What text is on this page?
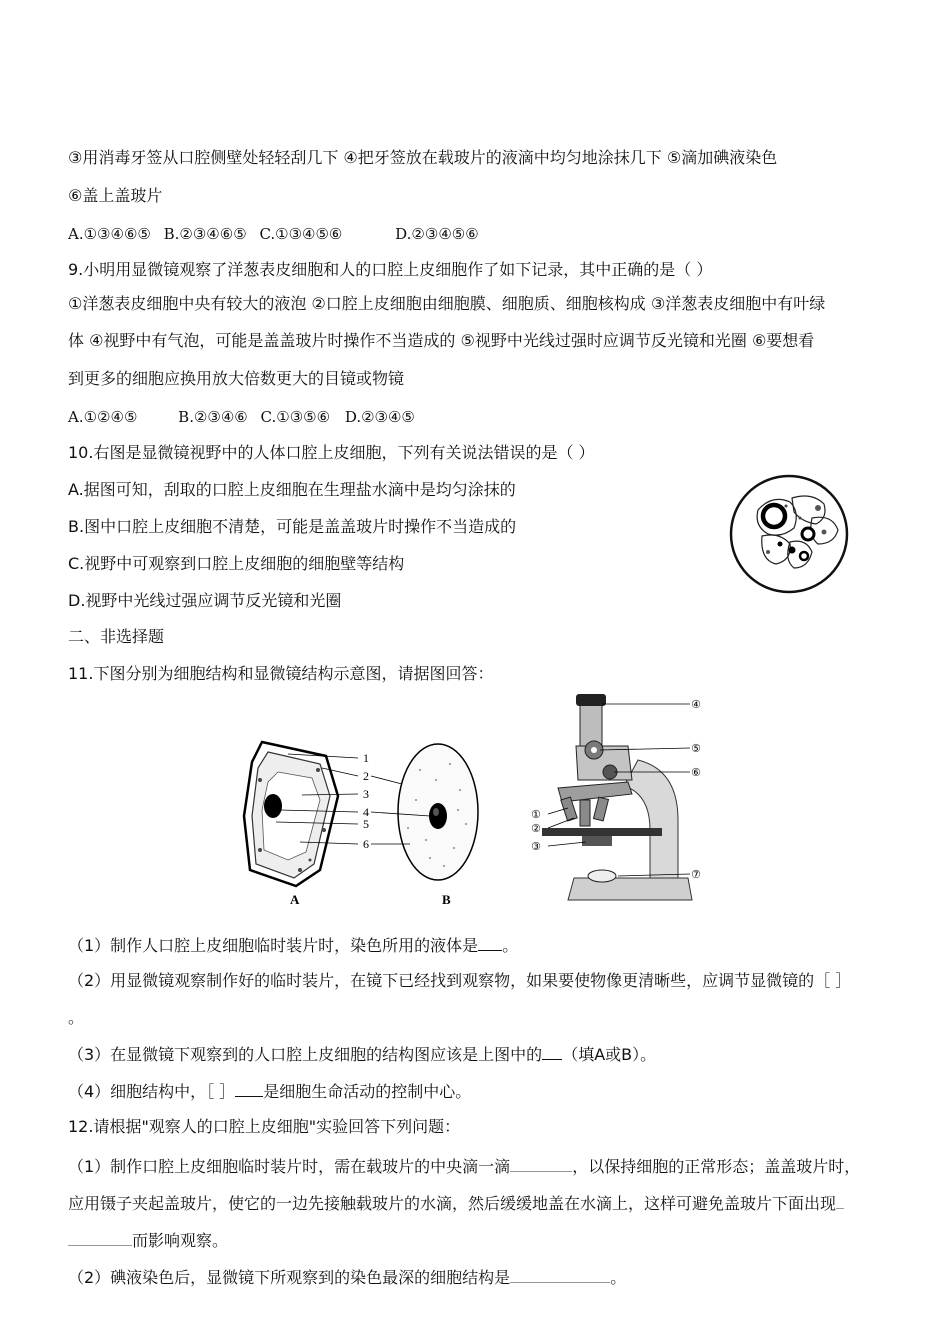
③用消毒牙签从口腔侧壁处轻轻刮几下 ④把牙签放在载玻片的液滴中均匀地涂抹几下 ⑤滴加碘液染色
⑥盖上盖玻片
A.①③④⑥⑤ B.②③④⑥⑤ C.①③④⑤⑥	D.②③④⑤⑥
9.小明用显微镜观察了洋葱表皮细胞和人的口腔上皮细胞作了如下记录，其中正确的是（ ）
①洋葱表皮细胞中央有较大的液泡 ②口腔上皮细胞由细胞膜、细胞质、细胞核构成 ③洋葱表皮细胞中有叶绿
体 ④视野中有气泡，可能是盖盖玻片时操作不当造成的 ⑤视野中光线过强时应调节反光镜和光圈 ⑥要想看
到更多的细胞应换用放大倍数更大的目镜或物镜
A.①②④⑤	B.②③④⑥ C.①③⑤⑥ D.②③④⑤
10.右图是显微镜视野中的人体口腔上皮细胞，下列有关说法错误的是（ ）
A.据图可知，刮取的口腔上皮细胞在生理盐水滴中是均匀涂抹的
B.图中口腔上皮细胞不清楚，可能是盖盖玻片时操作不当造成的
C.视野中可观察到口腔上皮细胞的细胞壁等结构
D.视野中光线过强应调节反光镜和光圈
二、非选择题
11.下图分别为细胞结构和显微镜结构示意图，请据图回答：
1
2
3
4
5
6
A	B
④
⑤
⑥
①
②
③
⑦
（1）制作人口腔上皮细胞临时装片时，染色所用的液体是 。
（2）用显微镜观察制作好的临时装片，在镜下已经找到观察物，如果要使物像更清晰些，应调节显微镜的［ ］
。
（3）在显微镜下观察到的人口腔上皮细胞的结构图应该是上图中的 （填A或B）。
（4）细胞结构中，［ ］ 是细胞生命活动的控制中心。
12.请根据"观察人的口腔上皮细胞"实验回答下列问题：
（1）制作口腔上皮细胞临时装片时，需在载玻片的中央滴一滴	，以保持细胞的正常形态；盖盖玻片时，
应用镊子夹起盖玻片，使它的一边先接触载玻片的水滴，然后缓缓地盖在水滴上，这样可避免盖玻片下面出现
而影响观察。
（2）碘液染色后，显微镜下所观察到的染色最深的细胞结构是	。
